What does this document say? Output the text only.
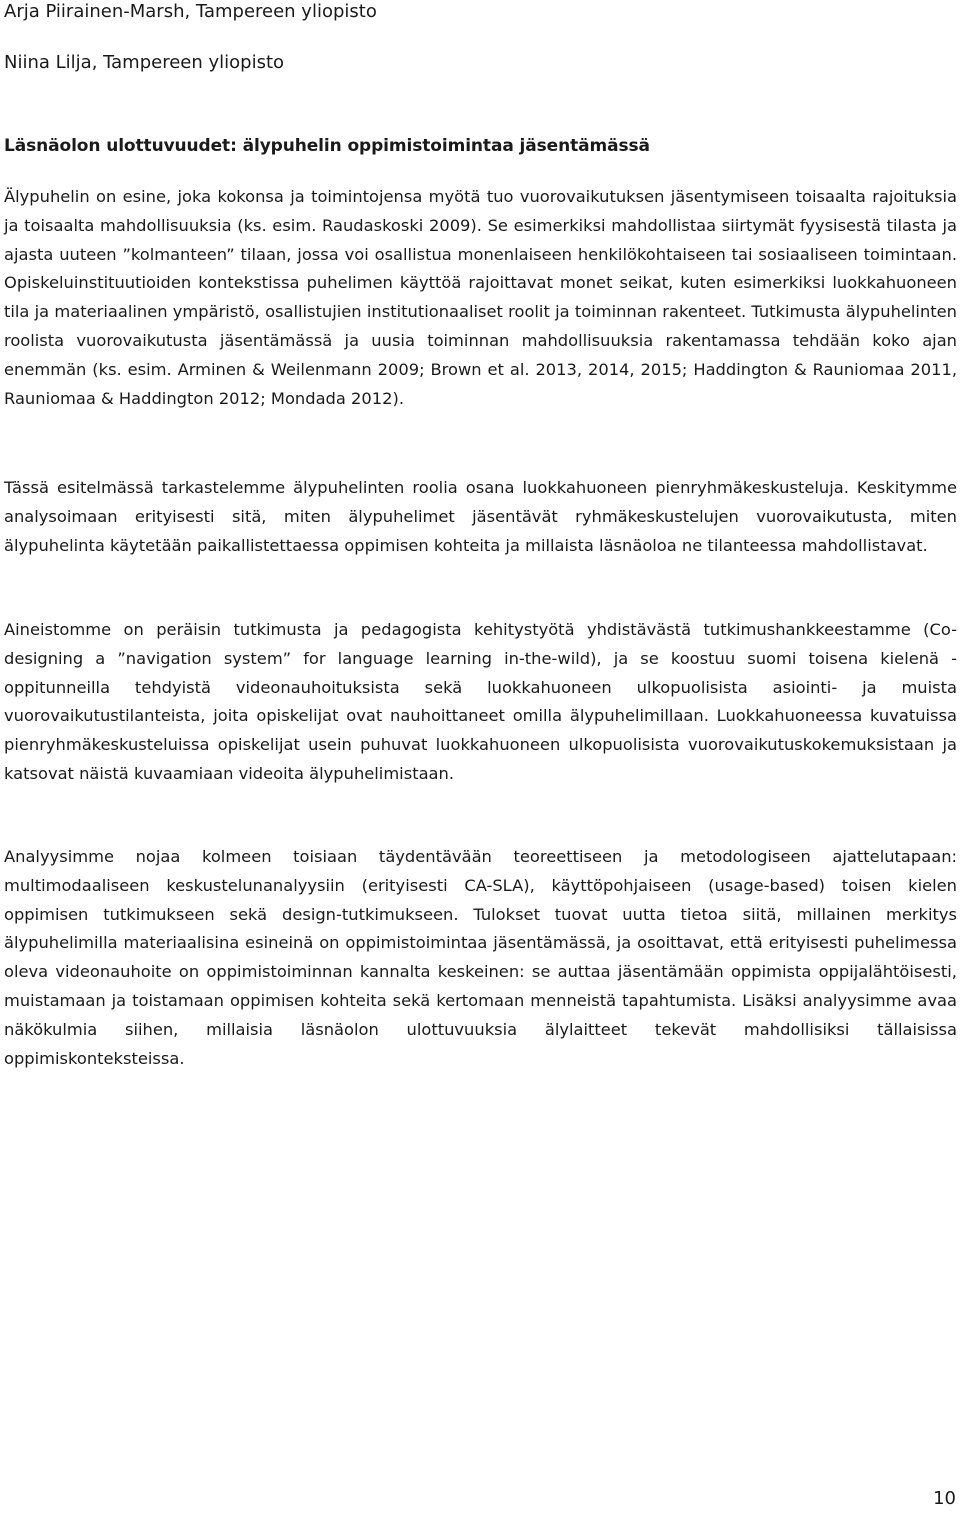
Arja Piirainen-Marsh, Tampereen yliopisto
Niina Lilja, Tampereen yliopisto
Läsnäolon ulottuvuudet: älypuhelin oppimistoimintaa jäsentämässä

Älypuhelin on esine, joka kokonsa ja toimintojensa myötä tuo vuorovaikutuksen jäsentymiseen toisaalta rajoituksia ja toisaalta mahdollisuuksia (ks. esim. Raudaskoski 2009). Se esimerkiksi mahdollistaa siirtymät fyysisestä tilasta ja ajasta uuteen ”kolmanteen” tilaan, jossa voi osallistua monenlaiseen henkilökohtaiseen tai sosiaaliseen toimintaan. Opiskeluinstituutioiden kontekstissa puhelimen käyttöä rajoittavat monet seikat, kuten esimerkiksi luokkahuoneen tila ja materiaalinen ympäristö, osallistujien institutionaaliset roolit ja toiminnan rakenteet. Tutkimusta älypuhelinten roolista vuorovaikutusta jäsentämässä ja uusia toiminnan mahdollisuuksia rakentamassa tehdään koko ajan enemmän (ks. esim. Arminen & Weilenmann 2009; Brown et al. 2013, 2014, 2015; Haddington & Rauniomaa 2011, Rauniomaa & Haddington 2012; Mondada 2012).

Tässä esitelmässä tarkastelemme älypuhelinten roolia osana luokkahuoneen pienryhmäkeskusteluja. Keskitymme analysoimaan erityisesti sitä, miten älypuhelimet jäsentävät ryhmäkeskustelujen vuorovaikutusta, miten älypuhelinta käytetään paikallistettaessa oppimisen kohteita ja millaista läsnäoloa ne tilanteessa mahdollistavat.

Aineistomme on peräisin tutkimusta ja pedagogista kehitystyötä yhdistävästä tutkimushankkeestamme (Co-designing a ”navigation system” for language learning in-the-wild), ja se koostuu suomi toisena kielenä -oppitunneilla tehdyistä videonauhoituksista sekä luokkahuoneen ulkopuolisista asiointi- ja muista vuorovaikutustilanteista, joita opiskelijat ovat nauhoittaneet omilla älypuhelimillaan. Luokkahuoneessa kuvatuissa pienryhmäkeskusteluissa opiskelijat usein puhuvat luokkahuoneen ulkopuolisista vuorovaikutuskokemuksistaan ja katsovat näistä kuvaamiaan videoita älypuhelimistaan.

Analyysimme nojaa kolmeen toisiaan täydentävään teoreettiseen ja metodologiseen ajattelutapaan: multimodaaliseen keskustelunanalyysiin (erityisesti CA-SLA), käyttöpohjaiseen (usage-based) toisen kielen oppimisen tutkimukseen sekä design-tutkimukseen. Tulokset tuovat uutta tietoa siitä, millainen merkitys älypuhelimilla materiaalisina esineinä on oppimistoimintaa jäsentämässä, ja osoittavat, että erityisesti puhelimessa oleva videonauhoite on oppimistoiminnan kannalta keskeinen: se auttaa jäsentämään oppimista oppijalähtöisesti, muistamaan ja toistamaan oppimisen kohteita sekä kertomaan menneistä tapahtumista. Lisäksi analyysimme avaa näkökulmia siihen, millaisia läsnäolon ulottuvuuksia älylaitteet tekevät mahdollisiksi tällaisissa oppimiskonteksteissa.

10
